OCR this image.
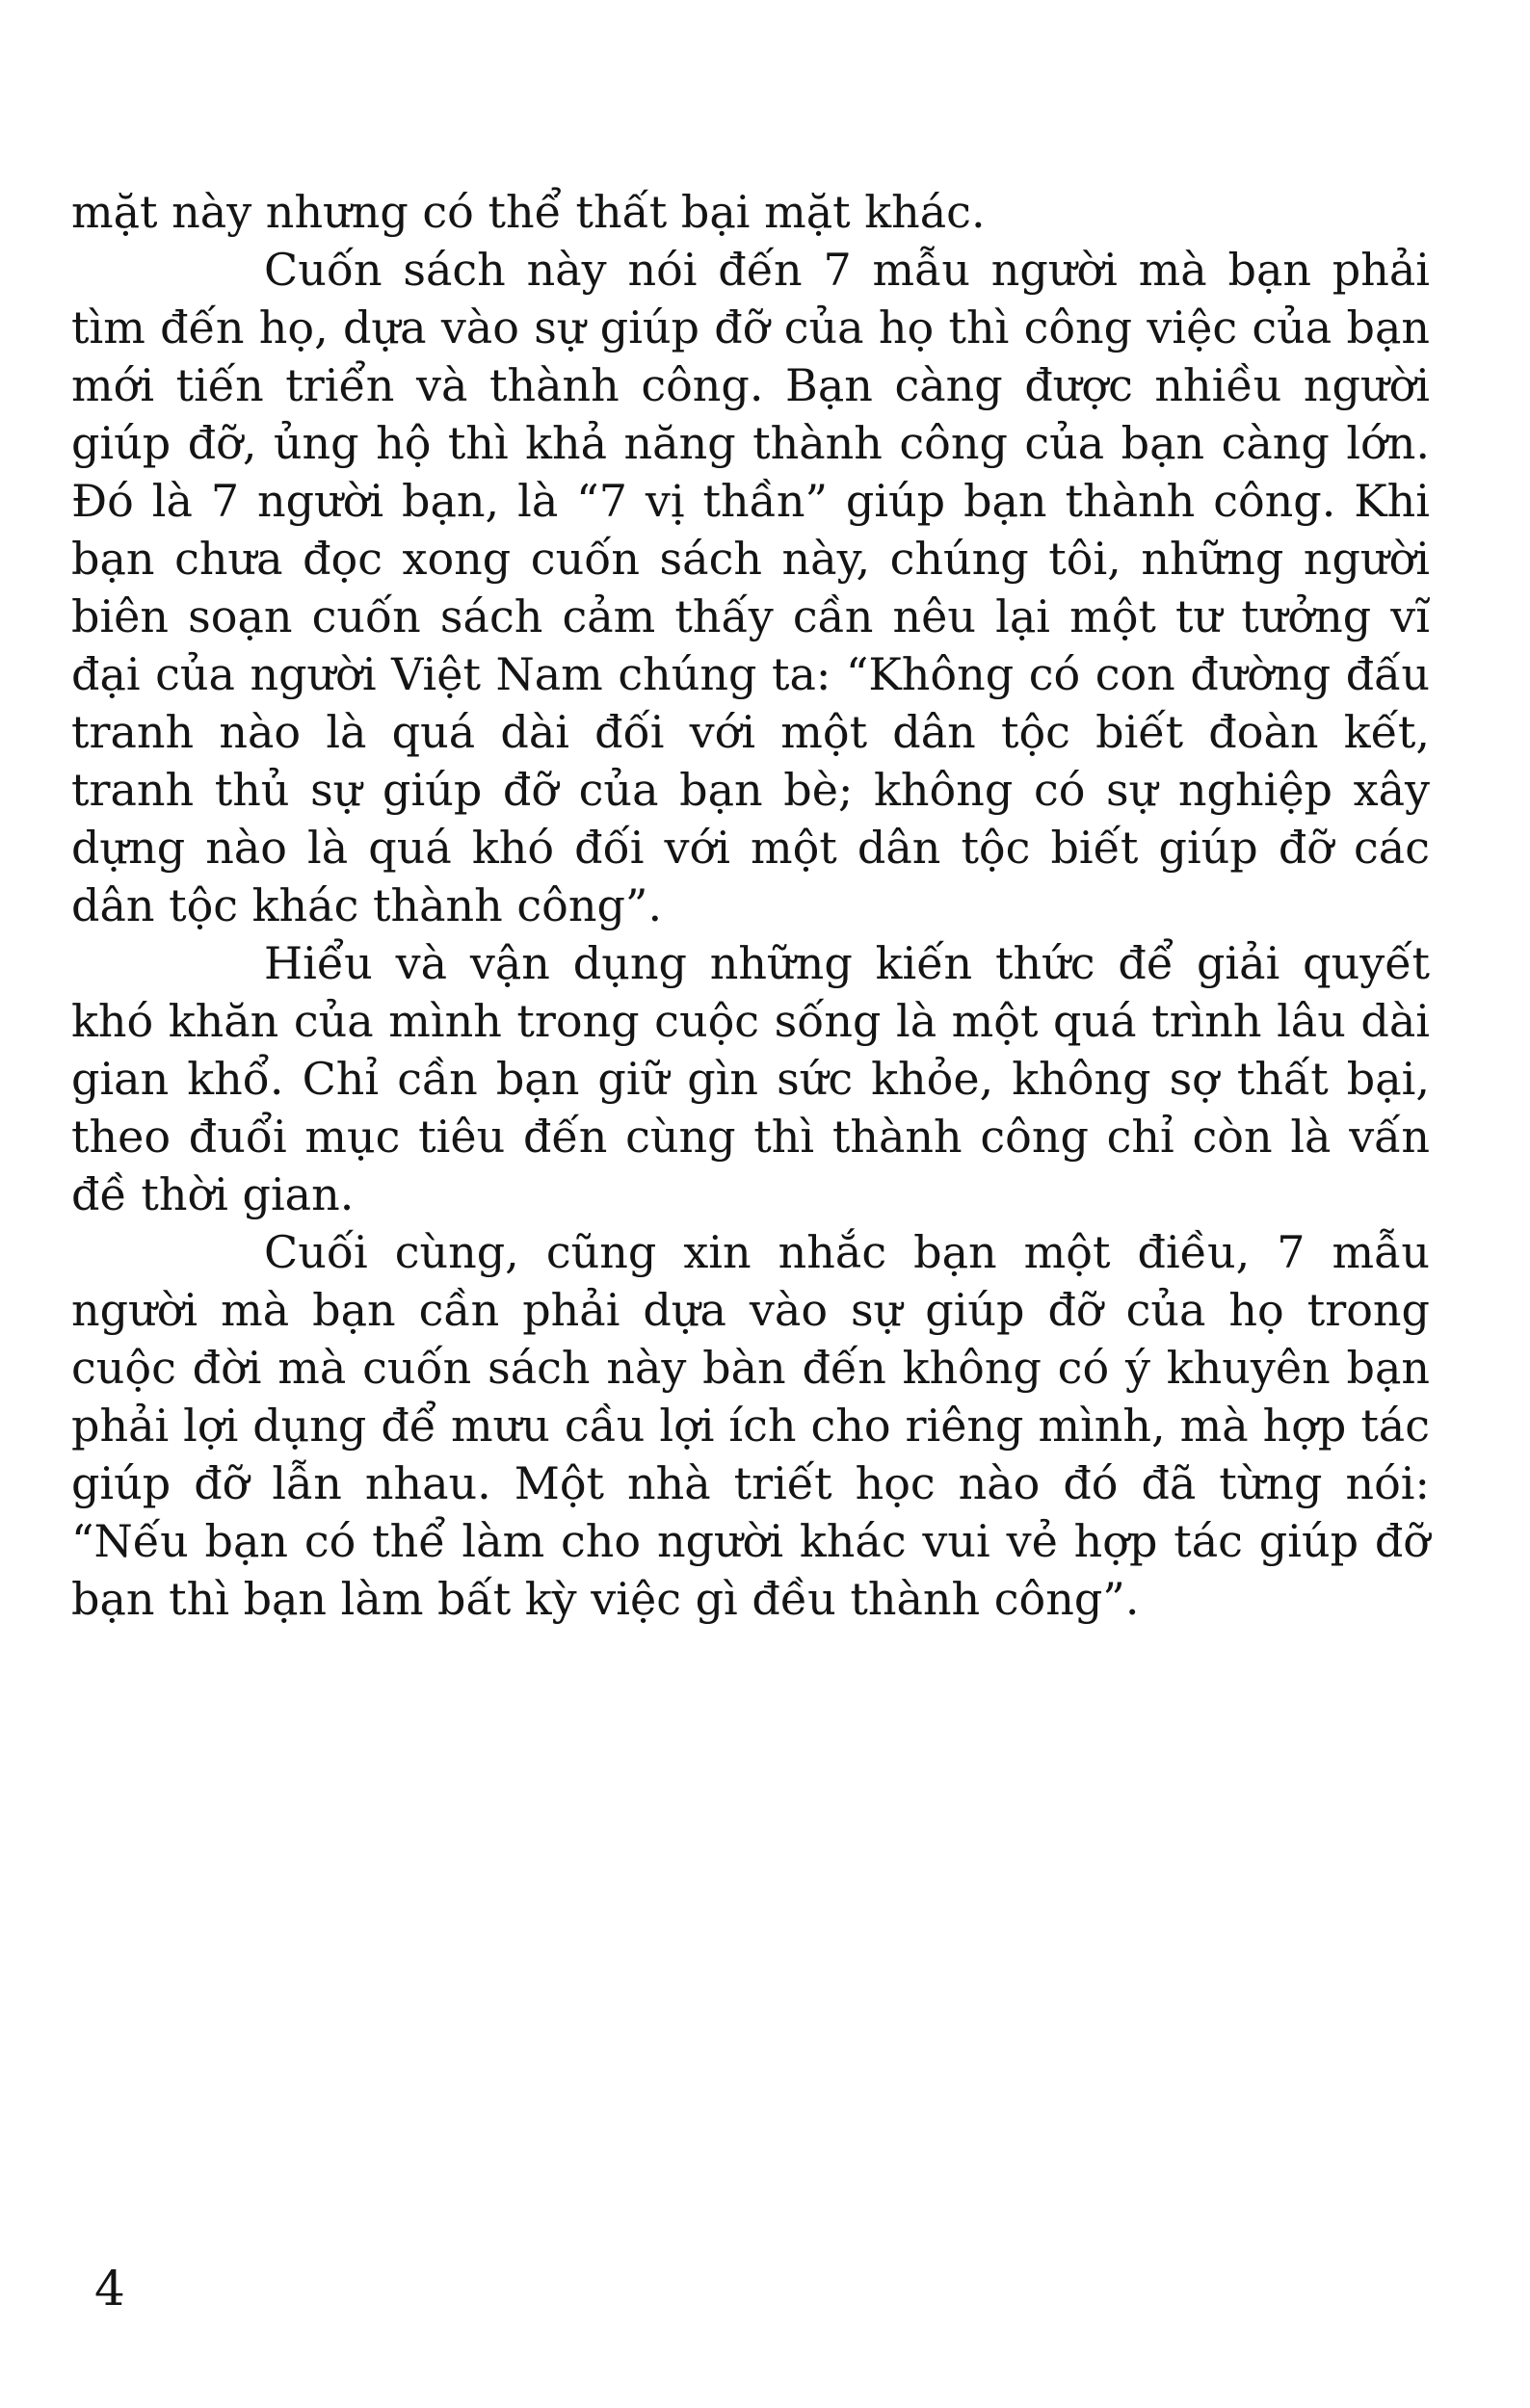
mặt này nhưng có thể thất bại mặt khác.

Cuốn sách này nói đến 7 mẫu người mà bạn phải tìm đến họ, dựa vào sự giúp đỡ của họ thì công việc của bạn mới tiến triển và thành công. Bạn càng được nhiều người giúp đỡ, ủng hộ thì khả năng thành công của bạn càng lớn. Đó là 7 người bạn, là “7 vị thần” giúp bạn thành công. Khi bạn chưa đọc xong cuốn sách này, chúng tôi, những người biên soạn cuốn sách cảm thấy cần nêu lại một tư tưởng vĩ đại của người Việt Nam chúng ta: “Không có con đường đấu tranh nào là quá dài đối với một dân tộc biết đoàn kết, tranh thủ sự giúp đỡ của bạn bè; không có sự nghiệp xây dựng nào là quá khó đối với một dân tộc biết giúp đỡ các dân tộc khác thành công”.

Hiểu và vận dụng những kiến thức để giải quyết khó khăn của mình trong cuộc sống là một quá trình lâu dài gian khổ. Chỉ cần bạn giữ gìn sức khỏe, không sợ thất bại, theo đuổi mục tiêu đến cùng thì thành công chỉ còn là vấn đề thời gian.

Cuối cùng, cũng xin nhắc bạn một điều, 7 mẫu người mà bạn cần phải dựa vào sự giúp đỡ của họ trong cuộc đời mà cuốn sách này bàn đến không có ý khuyên bạn phải lợi dụng để mưu cầu lợi ích cho riêng mình, mà hợp tác giúp đỡ lẫn nhau. Một nhà triết học nào đó đã từng nói: “Nếu bạn có thể làm cho người khác vui vẻ hợp tác giúp đỡ bạn thì bạn làm bất kỳ việc gì đều thành công”.

4
